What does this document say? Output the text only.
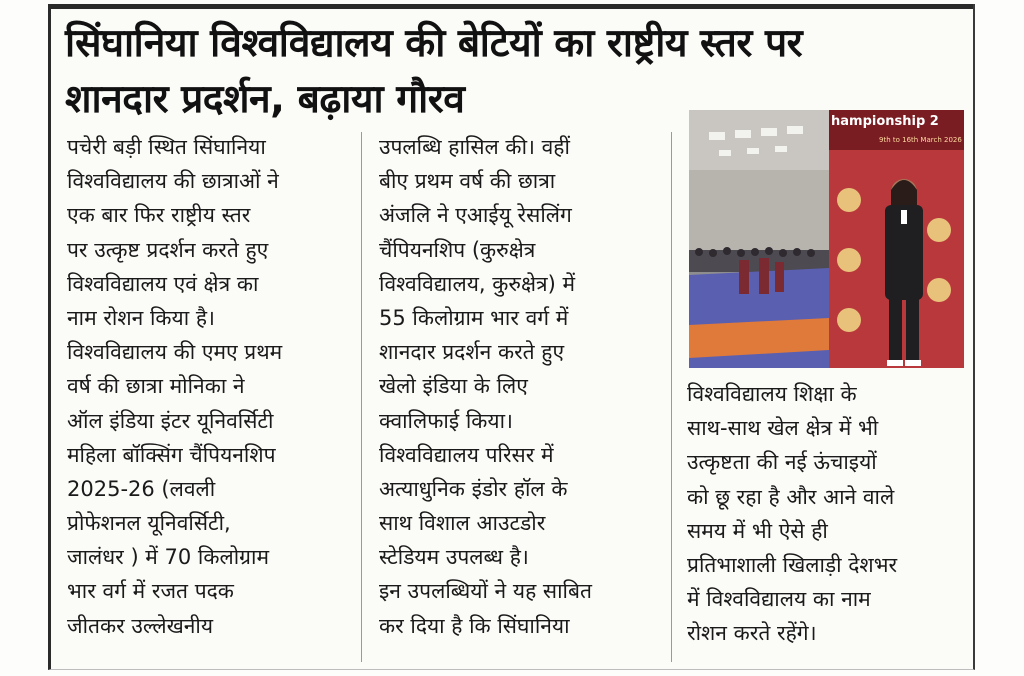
सिंघानिया विश्वविद्यालय की बेटियों का राष्ट्रीय स्तर पर
शानदार प्रदर्शन, बढ़ाया गौरव
पचेरी बड़ी स्थित सिंघानिया
विश्वविद्यालय की छात्राओं ने
एक बार फिर राष्ट्रीय स्तर
पर उत्कृष्ट प्रदर्शन करते हुए
विश्वविद्यालय एवं क्षेत्र का
नाम रोशन किया है।
विश्वविद्यालय की एमए प्रथम
वर्ष की छात्रा मोनिका ने
ऑल इंडिया इंटर यूनिवर्सिटी
महिला बॉक्सिंग चैंपियनशिप
2025-26 (लवली
प्रोफेशनल यूनिवर्सिटी,
जालंधर ) में 70 किलोग्राम
भार वर्ग में रजत पदक
जीतकर उल्लेखनीय
उपलब्धि हासिल की। वहीं
बीए प्रथम वर्ष की छात्रा
अंजलि ने एआईयू रेसलिंग
चैंपियनशिप (कुरुक्षेत्र
विश्वविद्यालय, कुरुक्षेत्र) में
55 किलोग्राम भार वर्ग में
शानदार प्रदर्शन करते हुए
खेलो इंडिया के लिए
क्वालिफाई किया।
विश्वविद्यालय परिसर में
अत्याधुनिक इंडोर हॉल के
साथ विशाल आउटडोर
स्टेडियम उपलब्ध है।
इन उपलब्धियों ने यह साबित
कर दिया है कि सिंघानिया
hampionship 2
9th to 16th March 2026
विश्वविद्यालय शिक्षा के
साथ-साथ खेल क्षेत्र में भी
उत्कृष्टता की नई ऊंचाइयों
को छू रहा है और आने वाले
समय में भी ऐसे ही
प्रतिभाशाली खिलाड़ी देशभर
में विश्वविद्यालय का नाम
रोशन करते रहेंगे।
